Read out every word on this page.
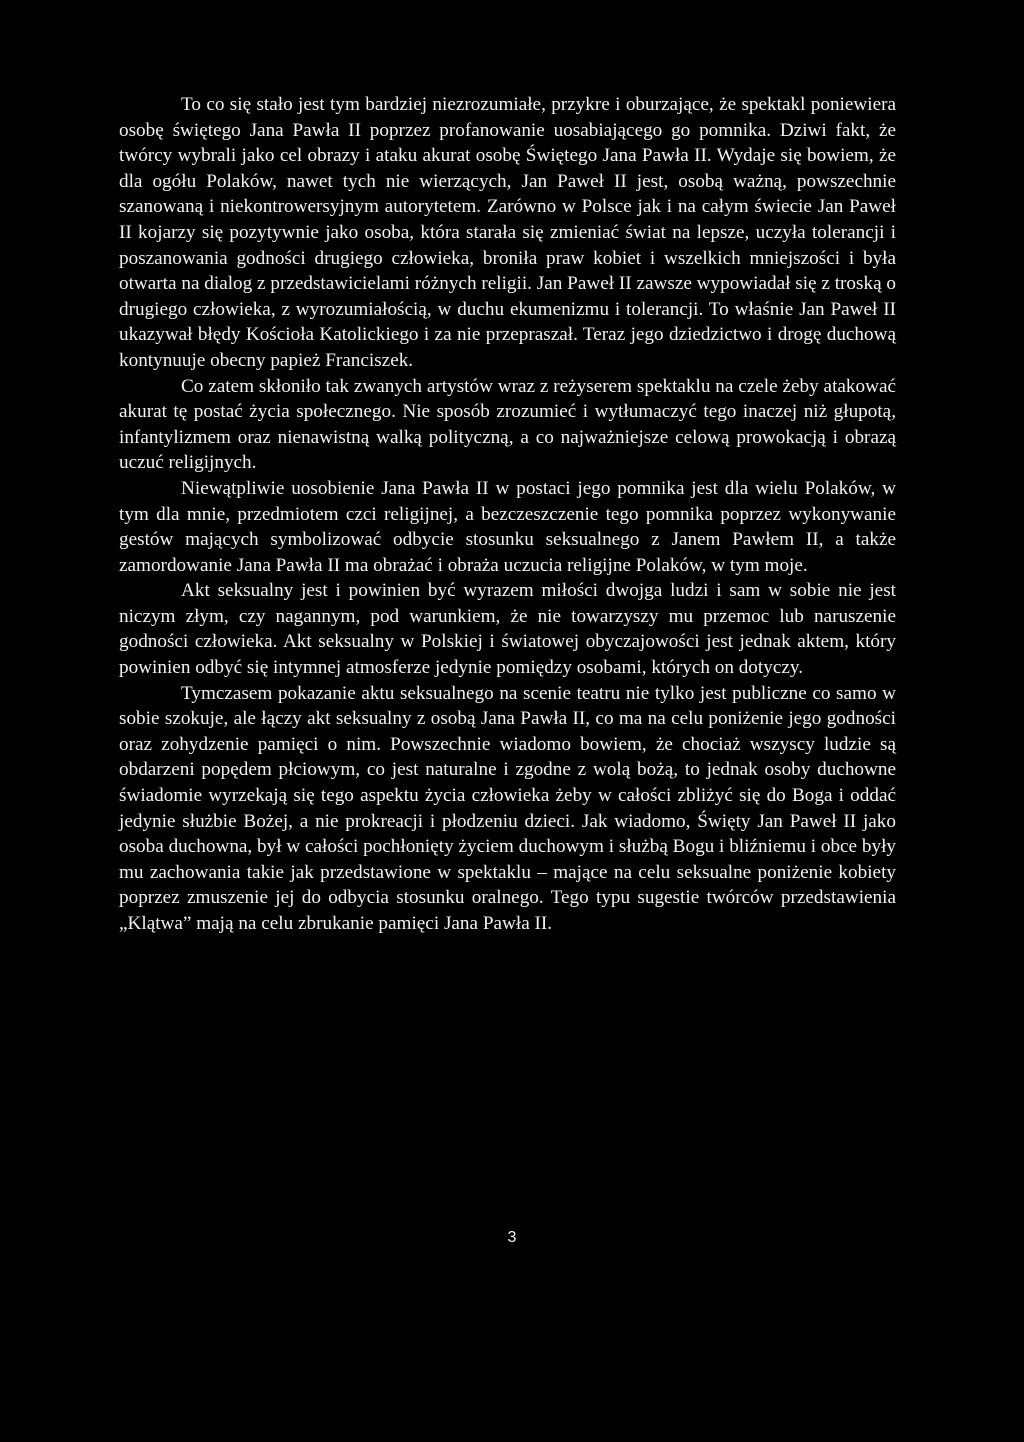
To co się stało jest tym bardziej niezrozumiałe, przykre i oburzające, że spektakl poniewiera osobę świętego Jana Pawła II poprzez profanowanie uosabiającego go pomnika. Dziwi fakt, że twórcy wybrali jako cel obrazy i ataku akurat osobę Świętego Jana Pawła II. Wydaje się bowiem, że dla ogółu Polaków, nawet tych nie wierzących, Jan Paweł II jest, osobą ważną, powszechnie szanowaną i niekontrowersyjnym autorytetem. Zarówno w Polsce jak i na całym świecie Jan Paweł II kojarzy się pozytywnie jako osoba, która starała się zmieniać świat na lepsze, uczyła tolerancji i poszanowania godności drugiego człowieka, broniła praw kobiet i wszelkich mniejszości i była otwarta na dialog z przedstawicielami różnych religii. Jan Paweł II zawsze wypowiadał się z troską o drugiego człowieka, z wyrozumiałością, w duchu ekumenizmu i tolerancji. To właśnie Jan Paweł II ukazywał błędy Kościoła Katolickiego i za nie przepraszał. Teraz jego dziedzictwo i drogę duchową kontynuuje obecny papież Franciszek.

Co zatem skłoniło tak zwanych artystów wraz z reżyserem spektaklu na czele żeby atakować akurat tę postać życia społecznego. Nie sposób zrozumieć i wytłumaczyć tego inaczej niż głupotą, infantylizmem oraz nienawistną walką polityczną, a co najważniejsze celową prowokacją i obrazą uczuć religijnych.

Niewątpliwie uosobienie Jana Pawła II w postaci jego pomnika jest dla wielu Polaków, w tym dla mnie, przedmiotem czci religijnej, a bezczeszczenie tego pomnika poprzez wykonywanie gestów mających symbolizować odbycie stosunku seksualnego z Janem Pawłem II, a także zamordowanie Jana Pawła II ma obrażać i obraża uczucia religijne Polaków, w tym moje.

Akt seksualny jest i powinien być wyrazem miłości dwojga ludzi i sam w sobie nie jest niczym złym, czy nagannym, pod warunkiem, że nie towarzyszy mu przemoc lub naruszenie godności człowieka. Akt seksualny w Polskiej i światowej obyczajowości jest jednak aktem, który powinien odbyć się intymnej atmosferze jedynie pomiędzy osobami, których on dotyczy.

Tymczasem pokazanie aktu seksualnego na scenie teatru nie tylko jest publiczne co samo w sobie szokuje, ale łączy akt seksualny z osobą Jana Pawła II, co ma na celu poniżenie jego godności oraz zohydzenie pamięci o nim. Powszechnie wiadomo bowiem, że chociaż wszyscy ludzie są obdarzeni popędem płciowym, co jest naturalne i zgodne z wolą bożą, to jednak osoby duchowne świadomie wyrzekają się tego aspektu życia człowieka żeby w całości zbliżyć się do Boga i oddać jedynie służbie Bożej, a nie prokreacji i płodzeniu dzieci. Jak wiadomo, Święty Jan Paweł II jako osoba duchowna, był w całości pochłonięty życiem duchowym i służbą Bogu i bliźniemu i obce były mu zachowania takie jak przedstawione w spektaklu – mające na celu seksualne poniżenie kobiety poprzez zmuszenie jej do odbycia stosunku oralnego. Tego typu sugestie twórców przedstawienia „Klątwa” mają na celu zbrukanie pamięci Jana Pawła II.

3
